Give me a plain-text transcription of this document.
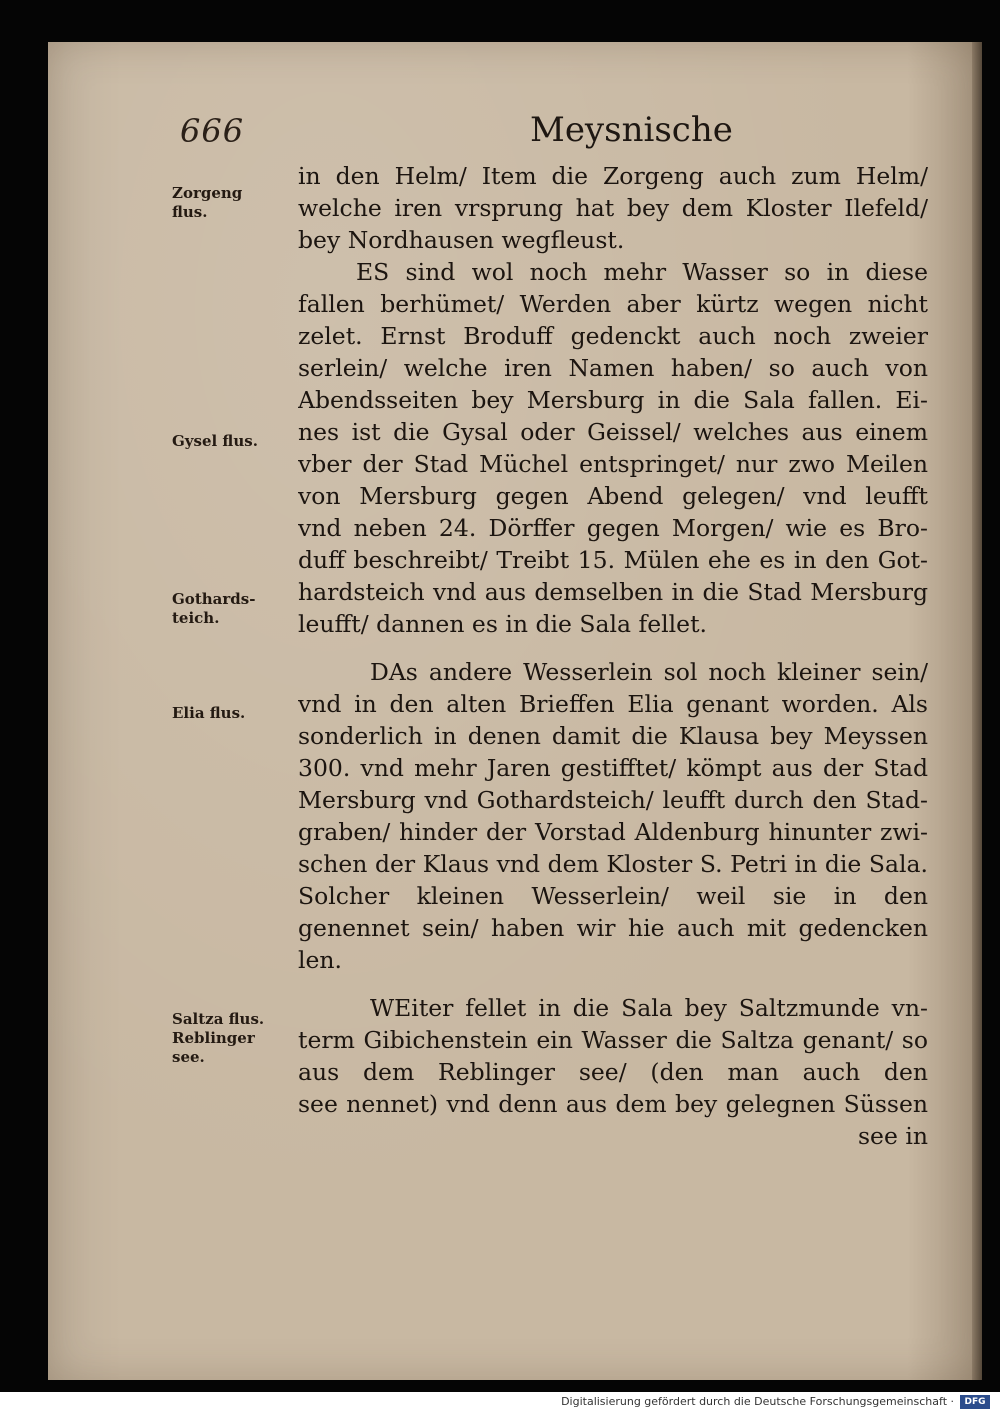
666	Meysnische
Zorgeng
flus.
Gysel flus.
Gothards-
teich.
Elia flus.
Saltza flus.
Reblinger
see.
in den Helm/ Item die Zorgeng auch zum Helm/
welche iren vrsprung hat bey dem Kloster Ilefeld/
bey Nordhausen wegfleust.
ES sind wol noch mehr Wasser so in diese
fallen berhümet/ Werden aber kürtz wegen nicht
zelet. Ernst Broduff gedenckt auch noch zweier
serlein/ welche iren Namen haben/ so auch von
Abendsseiten bey Mersburg in die Sala fallen. Ei-
nes ist die Gysal oder Geissel/ welches aus einem
vber der Stad Müchel entspringet/ nur zwo Meilen
von Mersburg gegen Abend gelegen/ vnd leufft
vnd neben 24. Dörffer gegen Morgen/ wie es Bro-
duff beschreibt/ Treibt 15. Mülen ehe es in den Got-
hardsteich vnd aus demselben in die Stad Mersburg
leufft/ dannen es in die Sala fellet.
DAs andere Wesserlein sol noch kleiner sein/
vnd in den alten Brieffen Elia genant worden. Als
sonderlich in denen damit die Klausa bey Meyssen
300. vnd mehr Jaren gestifftet/ kömpt aus der Stad
Mersburg vnd Gothardsteich/ leufft durch den Stad-
graben/ hinder der Vorstad Aldenburg hinunter zwi-
schen der Klaus vnd dem Kloster S. Petri in die Sala.
Solcher kleinen Wesserlein/ weil sie in den
genennet sein/ haben wir hie auch mit gedencken
len.
WEiter fellet in die Sala bey Saltzmunde vn-
term Gibichenstein ein Wasser die Saltza genant/ so
aus dem Reblinger see/ (den man auch den
see nennet) vnd denn aus dem bey gelegnen Süssen
see in
Digitalisierung gefördert durch die Deutsche Forschungsgemeinschaft ·	DFG
